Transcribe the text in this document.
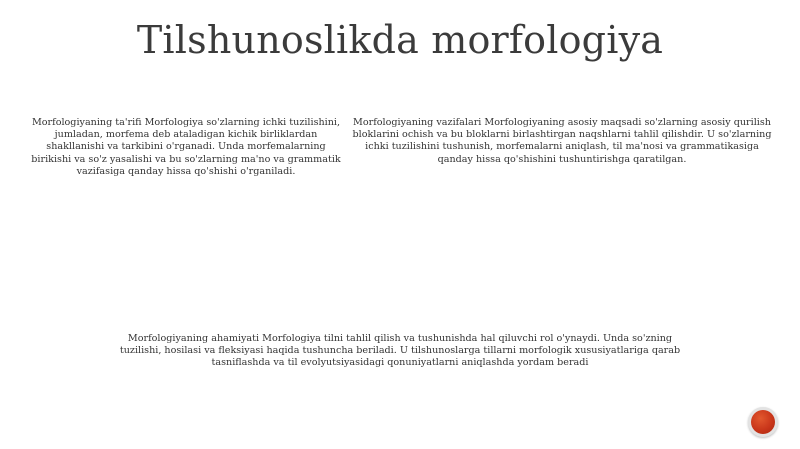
Tilshunoslikda morfologiya

Morfologiyaning ta'rifi Morfologiya so'zlarning ichki tuzilishini, jumladan, morfema deb ataladigan kichik birliklardan shakllanishi va tarkibini o'rganadi. Unda morfemalarning birikishi va so'z yasalishi va bu so'zlarning ma'no va grammatik vazifasiga qanday hissa qo'shishi o'rganiladi.

Morfologiyaning vazifalari Morfologiyaning asosiy maqsadi so'zlarning asosiy qurilish bloklarini ochish va bu bloklarni birlashtirgan naqshlarni tahlil qilishdir. U so'zlarning ichki tuzilishini tushunish, morfemalarni aniqlash, til ma'nosi va grammatikasiga qanday hissa qo'shishini tushuntirishga qaratilgan.

Morfologiyaning ahamiyati Morfologiya tilni tahlil qilish va tushunishda hal qiluvchi rol o'ynaydi. Unda so'zning tuzilishi, hosilasi va fleksiyasi haqida tushuncha beriladi. U tilshunoslarga tillarni morfologik xususiyatlariga qarab tasniflashda va til evolyutsiyasidagi qonuniyatlarni aniqlashda yordam beradi
